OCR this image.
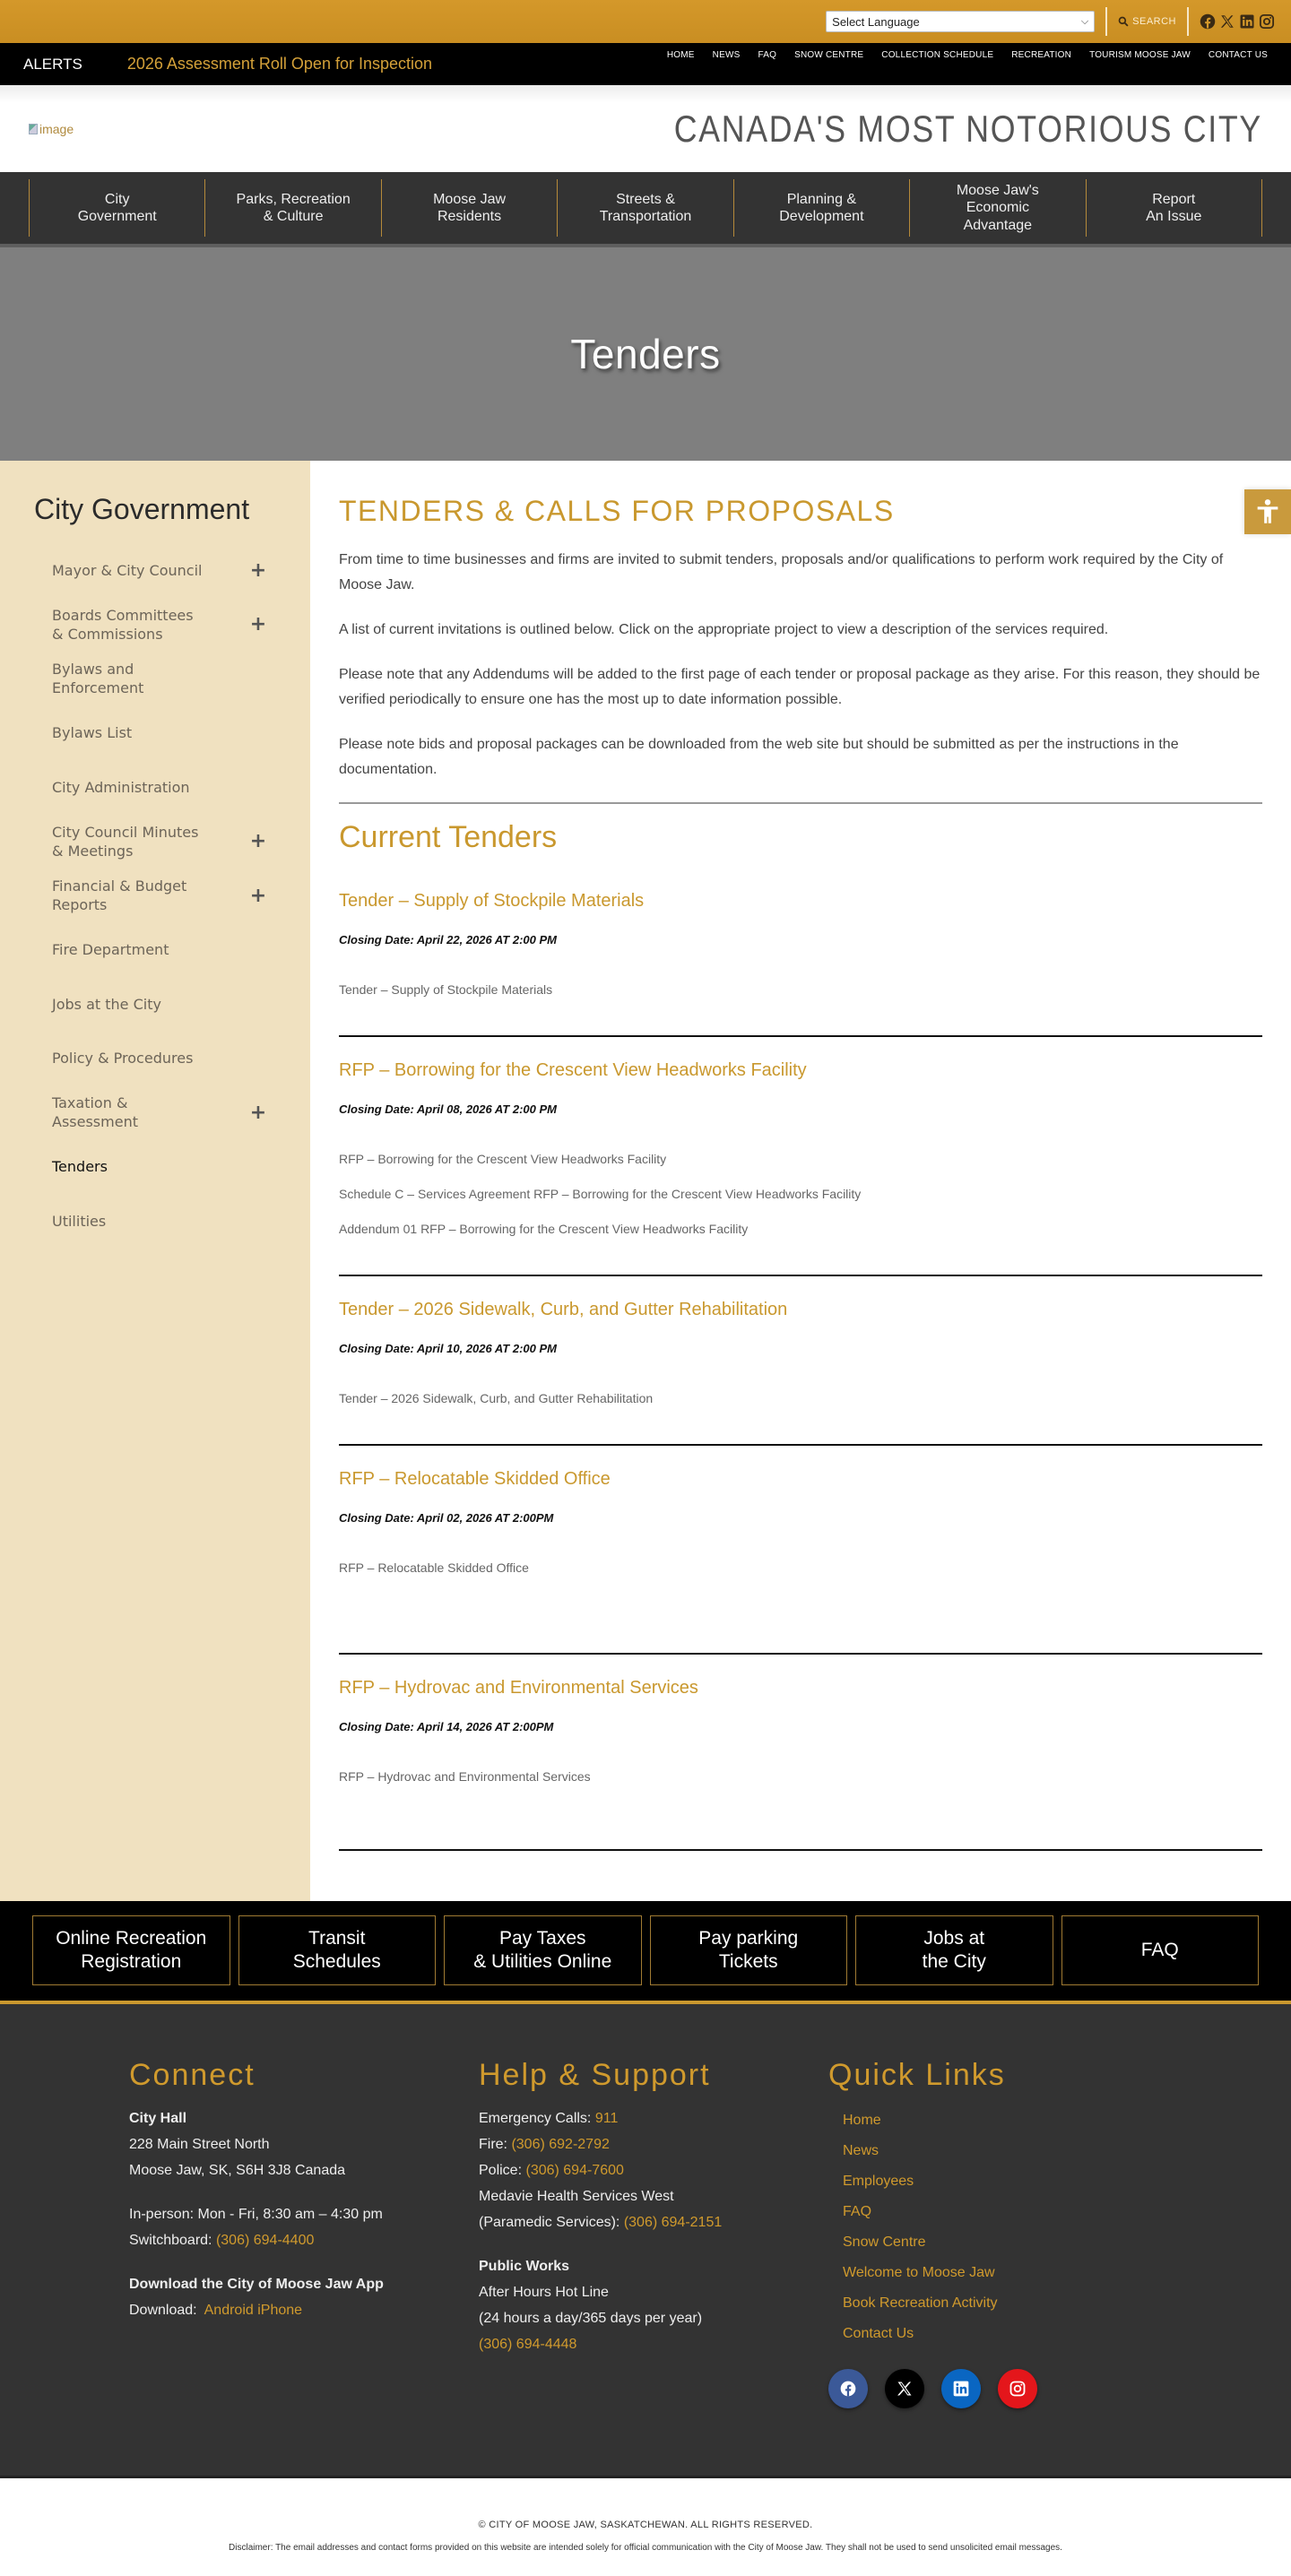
Select Language	⌵	SEARCH
ALERTS	2026 Assessment Roll Open for Inspection	HOME NEWS FAQ SNOW CENTRE COLLECTION SCHEDULE RECREATION TOURISM MOOSE JAW CONTACT US
image	CANADA'S MOST NOTORIOUS CITY
City
Government
Parks, Recreation
& Culture
Moose Jaw
Residents
Streets &
Transportation
Planning &
Development
Moose Jaw's
Economic
Advantage
Report
An Issue
Tenders
City Government
Mayor & City Council +
Boards Committees & Commissions	+
Bylaws and Enforcement
Bylaws List
City Administration
City Council Minutes & Meetings	+
Financial & Budget Reports	+
Fire Department
Jobs at the City
Policy & Procedures
Taxation & Assessment	+
Tenders
Utilities
TENDERS & CALLS FOR PROPOSALS

From time to time businesses and firms are invited to submit tenders, proposals and/or qualifications to perform work required by the City of Moose Jaw.

A list of current invitations is outlined below. Click on the appropriate project to view a description of the services required.

Please note that any Addendums will be added to the first page of each tender or proposal package as they arise. For this reason, they should be verified periodically to ensure one has the most up to date information possible.

Please note bids and proposal packages can be downloaded from the web site but should be submitted as per the instructions in the documentation.

Current Tenders
Tender – Supply of Stockpile Materials
Closing Date: April 22, 2026 AT 2:00 PM
Tender – Supply of Stockpile Materials
RFP – Borrowing for the Crescent View Headworks Facility
Closing Date: April 08, 2026 AT 2:00 PM
RFP – Borrowing for the Crescent View Headworks Facility
Schedule C – Services Agreement RFP – Borrowing for the Crescent View Headworks Facility
Addendum 01 RFP – Borrowing for the Crescent View Headworks Facility
Tender – 2026 Sidewalk, Curb, and Gutter Rehabilitation
Closing Date: April 10, 2026 AT 2:00 PM
Tender – 2026 Sidewalk, Curb, and Gutter Rehabilitation
RFP – Relocatable Skidded Office
Closing Date: April 02, 2026 AT 2:00PM
RFP – Relocatable Skidded Office
RFP – Hydrovac and Environmental Services
Closing Date: April 14, 2026 AT 2:00PM
RFP – Hydrovac and Environmental Services
Online Recreation
Registration
Transit
Schedules
Pay Taxes
& Utilities Online
Pay parking
Tickets
Jobs at
the City
FAQ
Connect
City Hall
228 Main Street North
Moose Jaw, SK, S6H 3J8 Canada
In-person: Mon - Fri, 8:30 am – 4:30 pm
Switchboard: (306) 694-4400
Download the City of Moose Jaw App
Download: Android iPhone
Help & Support
Emergency Calls: 911
Fire: (306) 692-2792
Police: (306) 694-7600
Medavie Health Services West
(Paramedic Services): (306) 694-2151
Public Works
After Hours Hot Line
(24 hours a day/365 days per year)
(306) 694-4448
Quick Links
Home
News
Employees
FAQ
Snow Centre
Welcome to Moose Jaw
Book Recreation Activity
Contact Us
© CITY OF MOOSE JAW, SASKATCHEWAN. ALL RIGHTS RESERVED.
Disclaimer: The email addresses and contact forms provided on this website are intended solely for official communication with the City of Moose Jaw. They shall not be used to send unsolicited email messages.
